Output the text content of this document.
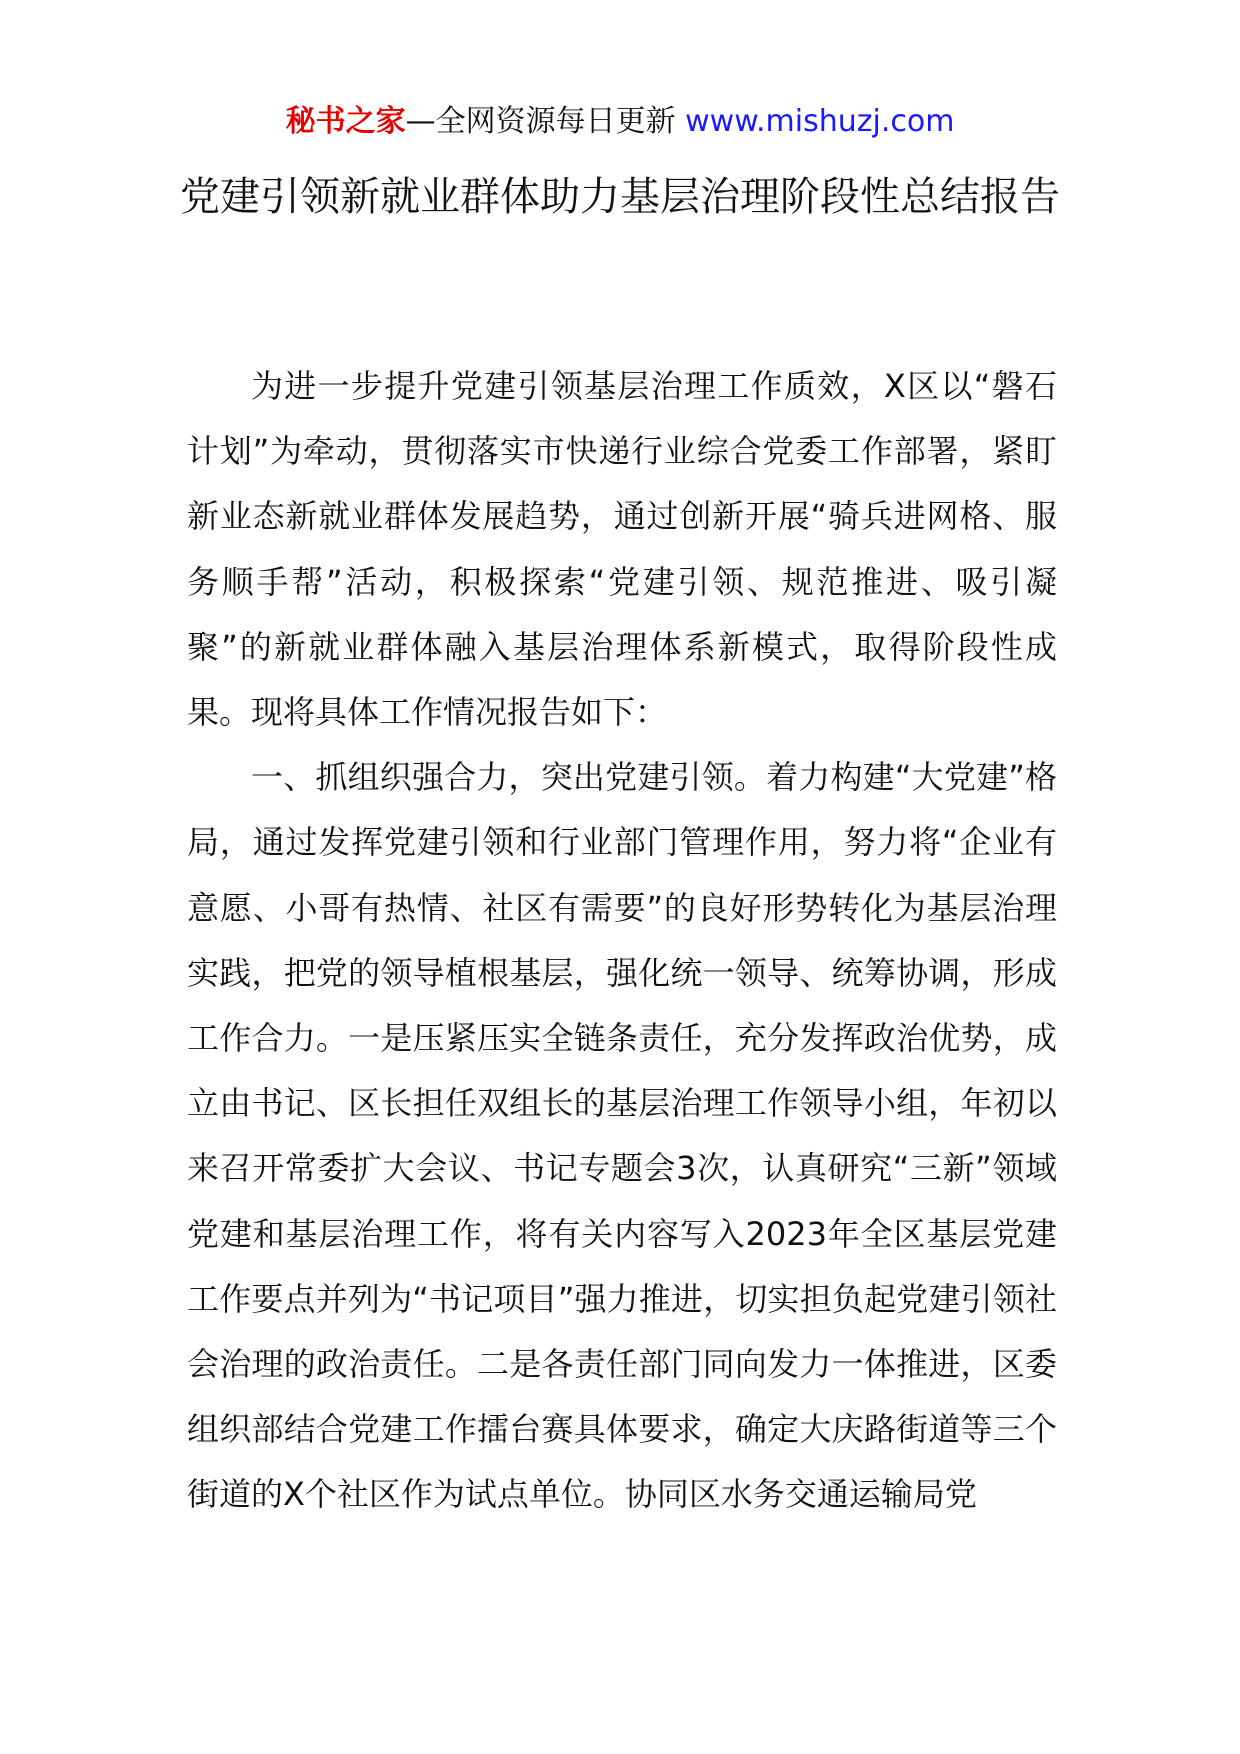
秘书之家—全网资源每日更新 www.mishuzj.com
党建引领新就业群体助力基层治理阶段性总结报告

为进一步提升党建引领基层治理工作质效，X区以“磐石计划”为牵动，贯彻落实市快递行业综合党委工作部署，紧盯新业态新就业群体发展趋势，通过创新开展“骑兵进网格、服务顺手帮”活动，积极探索“党建引领、规范推进、吸引凝聚”的新就业群体融入基层治理体系新模式，取得阶段性成果。现将具体工作情况报告如下：

一、抓组织强合力，突出党建引领。着力构建“大党建”格局，通过发挥党建引领和行业部门管理作用，努力将“企业有意愿、小哥有热情、社区有需要”的良好形势转化为基层治理实践，把党的领导植根基层，强化统一领导、统筹协调，形成工作合力。一是压紧压实全链条责任，充分发挥政治优势，成立由书记、区长担任双组长的基层治理工作领导小组，年初以来召开常委扩大会议、书记专题会3次，认真研究“三新”领域党建和基层治理工作，将有关内容写入2023年全区基层党建工作要点并列为“书记项目”强力推进，切实担负起党建引领社会治理的政治责任。二是各责任部门同向发力一体推进，区委组织部结合党建工作擂台赛具体要求，确定大庆路街道等三个街道的X个社区作为试点单位。协同区水务交通运输局党
